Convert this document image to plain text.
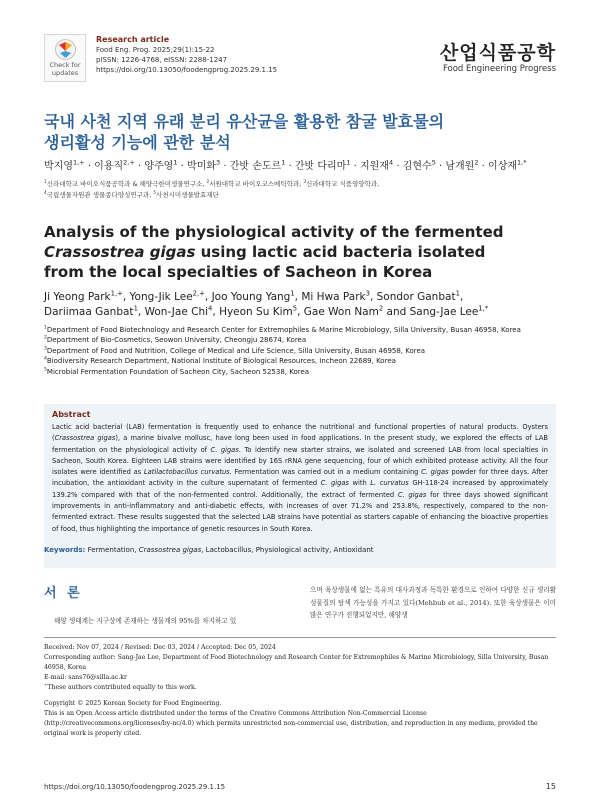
Check for updates
Research article
Food Eng. Prog. 2025;29(1):15-22
pISSN: 1226-4768, eISSN: 2288-1247
https://doi.org/10.13050/foodengprog.2025.29.1.15
산업식품공학
Food Engineering Progress
국내 사천 지역 유래 분리 유산균을 활용한 참굴 발효물의
생리활성 기능에 관한 분석
박지영$^{1,+}$ · 이용직$^{2,+}$ · 양주영$^1$ · 박미화$^3$ · 간밧 손도르$^1$ · 간밧 다리마$^1$ · 지원재$^4$ · 김현수$^5$ · 남개원$^2$ · 이상재$^{1,*}$
$^1$신라대학교 바이오식품공학과 & 해양극한미생물연구소, $^2$서원대학교 바이오코스메틱학과, $^3$신라대학교 식품영양학과,
$^4$국립생물자원관 생물종다양성연구과, $^5$사천시미생물발효재단
Analysis of the physiological activity of the fermented
Crassostrea gigas using lactic acid bacteria isolated
from the local specialties of Sacheon in Korea
Ji Yeong Park$^{1,+}$, Yong-Jik Lee$^{2,+}$, Joo Young Yang$^1$, Mi Hwa Park$^3$, Sondor Ganbat$^1$,
Dariimaa Ganbat$^1$, Won-Jae Chi$^4$, Hyeon Su Kim$^5$, Gae Won Nam$^2$ and Sang-Jae Lee$^{1,*}$
$^1$Department of Food Biotechnology and Research Center for Extremophiles & Marine Microbiology, Silla University, Busan 46958, Korea
$^2$Department of Bio-Cosmetics, Seowon University, Cheongju 28674, Korea
$^3$Department of Food and Nutrition, College of Medical and Life Science, Silla University, Busan 46958, Korea
$^4$Biodiversity Research Department, National Institute of Biological Resources, Incheon 22689, Korea
$^5$Microbial Fermentation Foundation of Sacheon City, Sacheon 52538, Korea
Abstract
Lactic acid bacterial (LAB) fermentation is frequently used to enhance the nutritional and functional properties of natural products. Oysters (Crassostrea gigas), a marine bivalve mollusc, have long been used in food applications. In the present study, we explored the effects of LAB fermentation on the physiological activity of C. gigas. To identify new starter strains, we isolated and screened LAB from local specialties in Sacheon, South Korea. Eighteen LAB strains were identified by 16S rRNA gene sequencing, four of which exhibited protease activity. All the four isolates were identified as Latilactobacillus curvatus. Fermentation was carried out in a medium containing C. gigas powder for three days. After incubation, the antioxidant activity in the culture supernatant of fermented C. gigas with L. curvatus GH-118-24 increased by approximately 139.2% compared with that of the non-fermented control. Additionally, the extract of fermented C. gigas for three days showed significant improvements in anti-inflammatory and anti-diabetic effects, with increases of over 71.2% and 253.8%, respectively, compared to the non-fermented extract. These results suggested that the selected LAB strains have potential as starters capable of enhancing the bioactive properties of food, thus highlighting the importance of genetic resources in South Korea.
Keywords: Fermentation, Crassostrea gigas, Lactobacillus, Physiological activity, Antioxidant
서 론
해양 생태계는 지구상에 존재하는 생물계의 95%를 차지하고 있
으며 육상생물에 없는 특유의 대사과정과 독특한 환경으로 인하여 다양한 신규 생리활성물질의 탐색 가능성을 가지고 있다(Mehbub et al., 2014). 또한 육상생물은 이미 많은 연구가 진행되었지만, 해양생
Received: Nov 07, 2024 / Revised: Dec 03, 2024 / Accepted: Dec 05, 2024
Corresponding author: Sang-Jae Lee, Department of Food Biotechnology and Research Center for Extremophiles & Marine Microbiology, Silla University, Busan 46958, Korea
E-mail: sans76@silla.ac.kr
+These authors contributed equally to this work.
Copyright © 2025 Korean Society for Food Engineering.
This is an Open Access article distributed under the terms of the Creative Commons Attribution Non-Commercial License (http://creativecommons.org/licenses/by-nc/4.0) which permits unrestricted non-commercial use, distribution, and reproduction in any medium, provided the original work is properly cited.
https://doi.org/10.13050/foodengprog.2025.29.1.15	15
